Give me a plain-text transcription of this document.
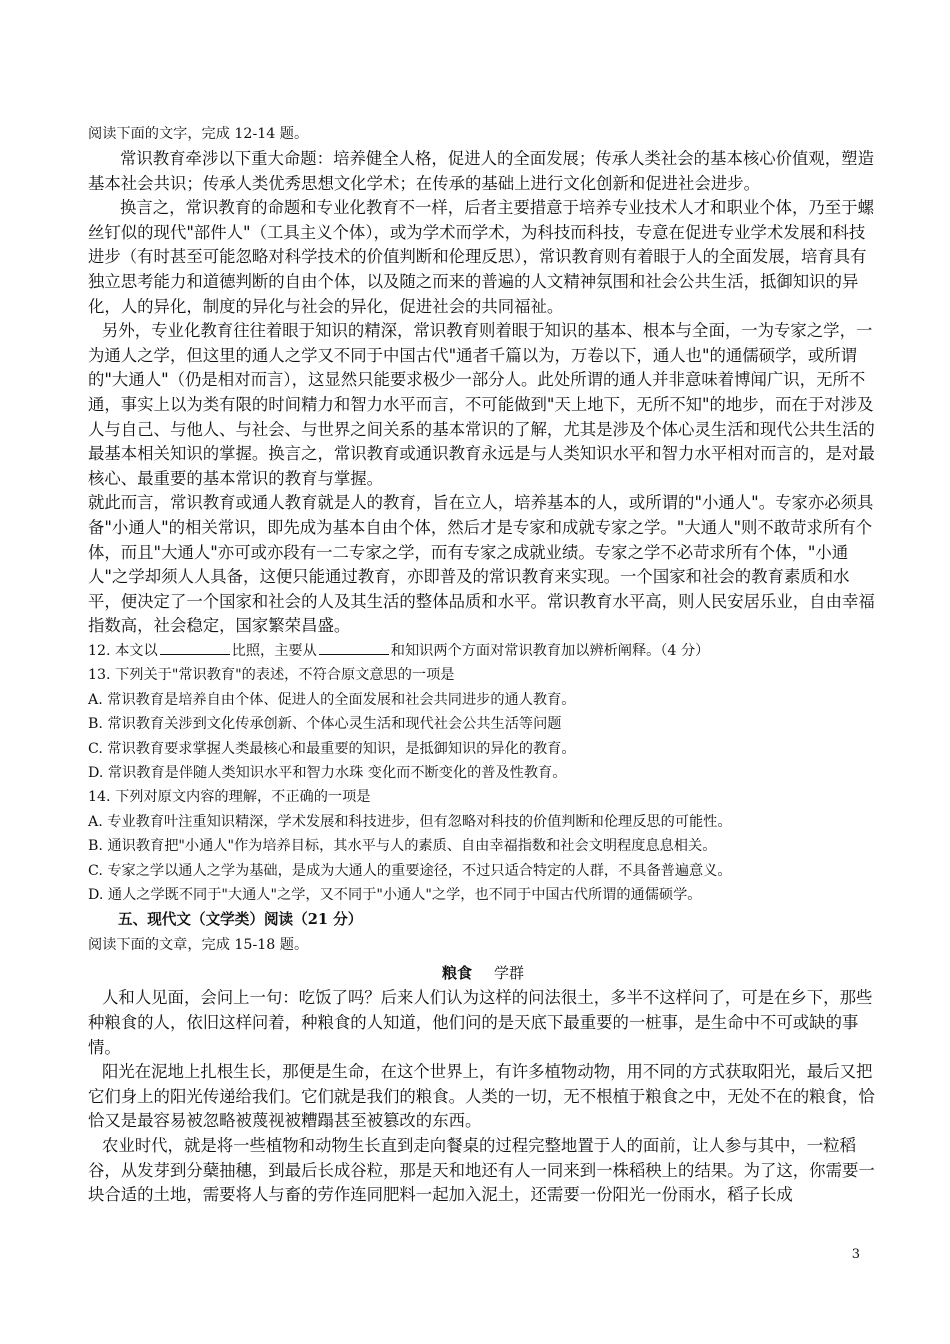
阅读下面的文字，完成 12-14 题。

常识教育牵涉以下重大命题：培养健全人格，促进人的全面发展；传承人类社会的基本核心价值观，塑造基本社会共识；传承人类优秀思想文化学术；在传承的基础上进行文化创新和促进社会进步。

换言之，常识教育的命题和专业化教育不一样，后者主要措意于培养专业技术人才和职业个体，乃至于螺丝钉似的现代"部件人"（工具主义个体），或为学术而学术，为科技而科技，专意在促进专业学术发展和科技进步（有时甚至可能忽略对科学技术的价值判断和伦理反思），常识教育则有着眼于人的全面发展，培育具有独立思考能力和道德判断的自由个体，以及随之而来的普遍的人文精神氛围和社会公共生活，抵御知识的异化，人的异化，制度的异化与社会的异化，促进社会的共同福祉。

另外，专业化教育往往着眼于知识的精深，常识教育则着眼于知识的基本、根本与全面，一为专家之学，一为通人之学，但这里的通人之学又不同于中国古代"通者千篇以为，万卷以下，通人也"的通儒硕学，或所谓的"大通人"（仍是相对而言），这显然只能要求极少一部分人。此处所谓的通人并非意味着博闻广识，无所不通，事实上以为类有限的时间精力和智力水平而言，不可能做到"天上地下，无所不知"的地步，而在于对涉及人与自己、与他人、与社会、与世界之间关系的基本常识的了解，尤其是涉及个体心灵生活和现代公共生活的最基本相关知识的掌握。换言之，常识教育或通识教育永远是与人类知识水平和智力水平相对而言的，是对最核心、最重要的基本常识的教育与掌握。

就此而言，常识教育或通人教育就是人的教育，旨在立人，培养基本的人，或所谓的"小通人"。专家亦必须具备"小通人"的相关常识，即先成为基本自由个体，然后才是专家和成就专家之学。"大通人"则不敢苛求所有个体，而且"大通人"亦可或亦段有一二专家之学，而有专家之成就业绩。专家之学不必苛求所有个体，"小通人"之学却须人人具备，这便只能通过教育，亦即普及的常识教育来实现。一个国家和社会的教育素质和水平，便决定了一个国家和社会的人及其生活的整体品质和水平。常识教育水平高，则人民安居乐业，自由幸福指数高，社会稳定，国家繁荣昌盛。

12. 本文以	比照，主要从	和知识两个方面对常识教育加以辨析阐释。（4 分）

13. 下列关于"常识教育"的表述，不符合原文意思的一项是

A. 常识教育是培养自由个体、促进人的全面发展和社会共同进步的通人教育。

B. 常识教育关涉到文化传承创新、个体心灵生活和现代社会公共生活等问题

C. 常识教育要求掌握人类最核心和最重要的知识，是抵御知识的异化的教育。

D. 常识教育是伴随人类知识水平和智力水珠 变化而不断变化的普及性教育。

14. 下列对原文内容的理解，不正确的一项是

A. 专业教育叶注重知识精深，学术发展和科技进步，但有忽略对科技的价值判断和伦理反思的可能性。

B. 通识教育把"小通人"作为培养目标，其水平与人的素质、自由幸福指数和社会文明程度息息相关。

C. 专家之学以通人之学为基础，是成为大通人的重要途径，不过只适合特定的人群，不具备普遍意义。

D. 通人之学既不同于"大通人"之学，又不同于"小通人"之学，也不同于中国古代所谓的通儒硕学。

五、现代文（文学类）阅读（21 分）

阅读下面的文章，完成 15-18 题。

粮食 学群

人和人见面，会问上一句：吃饭了吗？后来人们认为这样的问法很土，多半不这样问了，可是在乡下，那些种粮食的人，依旧这样问着，种粮食的人知道，他们问的是天底下最重要的一桩事，是生命中不可或缺的事情。

阳光在泥地上扎根生长，那便是生命，在这个世界上，有许多植物动物，用不同的方式获取阳光，最后又把它们身上的阳光传递给我们。它们就是我们的粮食。人类的一切，无不根植于粮食之中，无处不在的粮食，恰恰又是最容易被忽略被蔑视被糟蹋甚至被篡改的东西。

农业时代，就是将一些植物和动物生长直到走向餐桌的过程完整地置于人的面前，让人参与其中，一粒稻谷，从发芽到分蘖抽穗，到最后长成谷粒，那是天和地还有人一同来到一株稻秧上的结果。为了这，你需要一块合适的土地，需要将人与畜的劳作连同肥料一起加入泥土，还需要一份阳光一份雨水，稻子长成

3
